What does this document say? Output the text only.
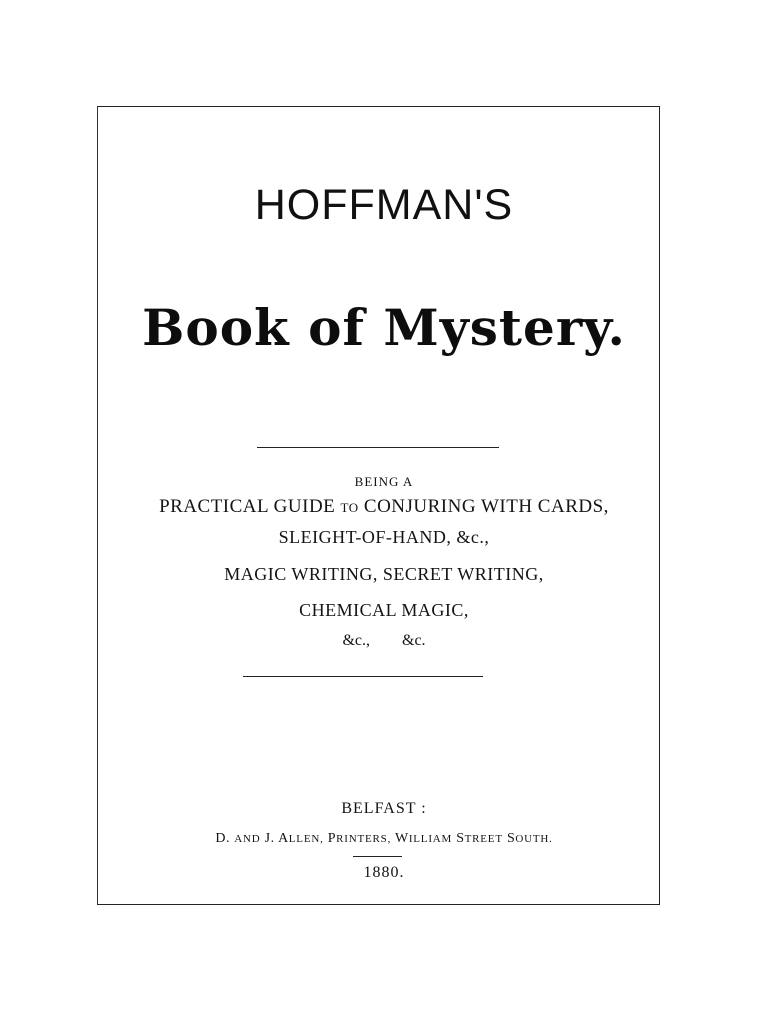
HOFFMAN'S
Book of Mystery.
BEING A
PRACTICAL GUIDE TO CONJURING WITH CARDS,
SLEIGHT-OF-HAND, &c.,
MAGIC WRITING, SECRET WRITING,
CHEMICAL MAGIC,
&c., &c.
BELFAST :
D. AND J. ALLEN, PRINTERS, WILLIAM STREET SOUTH.
1880.
